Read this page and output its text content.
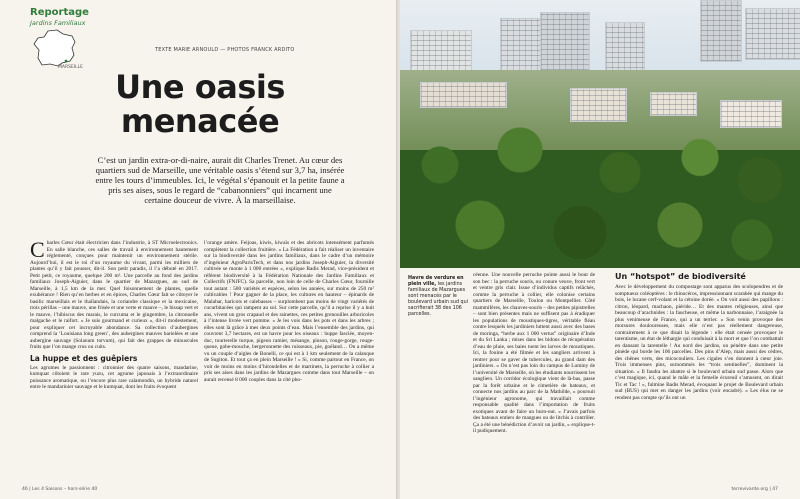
Reportage
Jardins Familiaux
MARSEILLE
TEXTE MARIE ARNOULD — PHOTOS FRANCK ARDITO
Une oasis
menacée
C’est un jardin extra-or-di-naire, aurait dit Charles Trenet. Au cœur des quartiers sud de Marseille, une véritable oasis s’étend sur 3,7 ha, insérée entre les tours d’immeubles. Ici, le végétal s’épanouit et la petite faune a pris ses aises, sous le regard de “cabanonniers” qui incarnent une certaine douceur de vivre. À la marseillaise.
C harles Cœur était électricien dans l’industrie, à ST Microelectronics. En salle blanche, ces salles de travail à environnement hautement réglementé, conçues pour maintenir un environnement stérile. Aujourd’hui, il est le roi d’un royaume du vivant, parmi les milliers de plantes qu’il y fait pousser, dit-il. Son petit paradis, il l’a débuté en 2017. Petit petit, ce royaume, quelque 200 m². Une parcelle au fond des jardins familiaux Joseph-Aiguier, dans le quartier de Mazargues, au sud de Marseille, à 1,5 km de la mer. Quel foisonnement de plantes, quelle exubérance ! Rien qu’en herbes et en épices, Charles Cœur fait se côtoyer le basilic marseillais et le thaïlandais, la coriandre classique et la mexicaine, trois périllas – une mauve, une frisée et une verte et mauve –, le bissap vert et le mauve, l’hibiscus des marais, le curcuma et le gingembre, la citronnelle malgache et le raifort. « Je suis gourmand et curieux », dit-il modestement, pour expliquer cet incroyable abondance. Sa collection d’aubergines comprend la ‘Louisiana long green’, des aubergines mauves barielées et une aubergine sauvage (Solanum torvum), qui fait des grappes de minuscules fruits que l’on mange crus ou cuits.
La huppe et des guêpiers
Les agrumes le passionnent : citronnier des quatre saisons, mandarine, kumquat côtoient le rare yuzu, cet agrume japonais à l’extraordinaire puissance aromatique, ou l’encore plus rare calamondin, un hybride naturel entre le mandarinier sauvage et le kumquat, dont les fruits évoquent
l’orange amère. Feijoas, kiwis, kiwaïs et des abricots intensément parfumés complètent la collection fruitière. « La Fédération a fait réaliser un inventaire sur la biodiversité dans les jardins familiaux, dans le cadre d’un mémoire d’ingénieur AgroParisTech, et dans nos jardins Joseph-Aiguier, la diversité cultivée se monte à 1 000 entrées », explique Badis Merad, vice-président et référent biodiversité à la Fédération Nationale des Jardins Familiaux et Collectifs (FNJFC). Sa parcelle, non loin de celle de Charles Cœur, fournille tout autant : 500 variétés et espèces, selon les années, sur moins de 250 m² cultivables ! Pour gagner de la place, les cultures en hauteur – épinards de Malabar, haricots et calebasses – surplombent pas moins de vingt variétés de cucurbitacées qui rampent au sol. Sur cette parcelle, qu’il a reprise il y a huit ans, vivent un gros crapaud et des rainettes, ces petites grenouilles arboricoles à l’intense livrée vert pomme. « Je les vois dans les pots et dans les arbres ; elles sont là grâce à mes deux points d’eau. Mais l’ensemble des jardins, qui couvrent 3,7 hectares, est un havre pour les oiseaux : huppe fasciée, moyen-duc, tourterelle turque, pigeon ramier, mésange, pinson, rouge-gorge, rouge-queue, gobe-mouche, bergeronnette des ruisseaux, pie, goéland… On a même vu un couple d’aigles de Bonelli, ce qui est à 1 km seulement de la calanque de Sugiton. Et tout ça en plein Marseille ! » Si, comme partout en France, on voit de moins en moins d’hirondelles et de martinets, la perruche à collier a pris ses aises dans les jardins de Mazargues comme dans tout Marseille – on aurait recensé 8 000 couples dans la cité pho-
46 | Les 4 Saisons – hors-série 40	terrevivante.org | 47
Havre de verdure en plein ville, les jardins familiaux de Mazargues sont menacés par le boulevard urbain sud qui sacrifierait 38 des 106 parcelles.
céenne. Une nouvelle perruche pointe aussi le bout de son bec : la perruche souris, ou conure veuve, front vert et ventre gris clair. Issue d’individus captifs relâchés, comme la perruche à collier, elle colonise certains quartiers de Marseille, Toulon ou Montpellier. Côté mammifères, les chauves-souris – des petites pipistrelles – sont bien présentes mais ne suffisent pas à éradiquer les populations de moustiques-tigres, véritable fléau contre lesquels les jardiniers luttent aussi avec des bases de moringa, “herbe aux 1 000 vertus” originaire d’Inde et du Sri Lanka ; mises dans les bidons de récupération d’eau de pluie, ses baies tuent les larves de moustiques. Ici, la fouine a été filmée et les sangliers arrivent à rentrer pour se gaver de tubercules, au grand dam des jardiniers. « On n’est pas loin du campus de Luminy de l’université de Marseille, où les étudiants nourrissent les sangliers. Un corridor écologique vient de là-bas, passe par la forêt urbaine et le cimetière de bateaux, et connecte nos jardins au parc de la Mathilde, » poursuit l’ingénieur agronome, qui travaillait comme responsable qualité dans l’importation de fruits exotiques avant de faire un burn-out. « J’avais parfois des bateaux entiers de mangues ou de litchis à contrôler. Ça a été une bénédiction d’avoir un jardin, » explique-t-il pudiquement.
Un “hotspot” de biodiversité
Avec le développement du compostage sont apparus des scolopendres et de somptueux coléoptères : le rhinocéros, impressionnant scarabée qui mange du bois, le lucane cerf-volant et la cétoine dorée. « On voit aussi des papillons : citron, léopard, machaon, piéride… Et des mantes religieuses, ainsi que beaucoup d’arachnides : la faucheuse, et même la narbonnaise, l’araignée la plus venimeuse de France, qui a un terrier. » Son venin provoque des morsures douloureuses, mais elle n’est pas réellement dangereuse, contrairement à ce que disait la légende : elle était censée provoquer le tarentisme, un état de léthargie qui conduisait à la mort et que l’on combattait en dansant la tarentelle ! Au nord des jardins, on pénètre dans une petite pinède qui borde les 106 parcelles. Des pins d’Alep, mais aussi des cèdres, des chênes verts, des micocouliers. Les cigales s’en donnent à cœur joie. Trois immenses pins, surnommés les “trois sentinelles”, dominent la situation. « Il faudra les abattre si le boulevard urbain sud passe. Alors que c’est magique, ici, quand le mâle et la femelle écureuil s’amusent, on dirait Tic et Tac ! », fulmine Badis Merad, évoquant le projet de Boulevard urbain sud (BUS) qui met en danger les jardins (voir encadré). « Les élus ne se rendent pas compte qu’ils ont un
